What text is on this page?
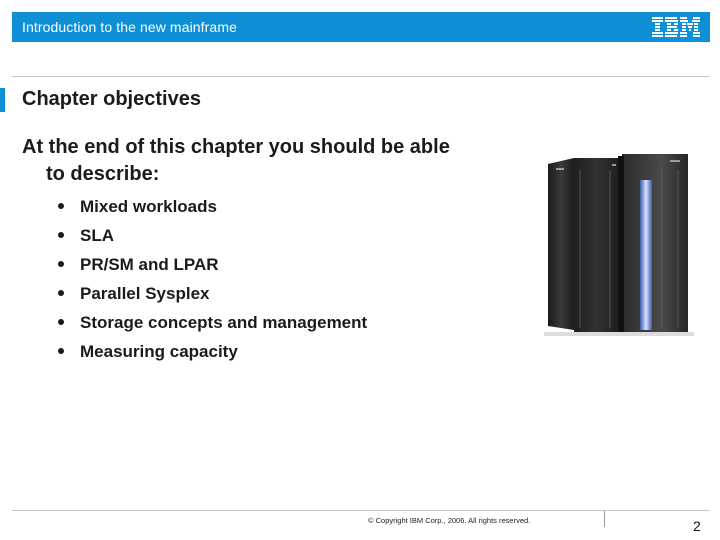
Introduction to the new mainframe
Chapter objectives
At the end of this chapter you should be able
to describe:
Mixed workloads
SLA
PR/SM and LPAR
Parallel Sysplex
Storage concepts and management
Measuring capacity
© Copyright IBM Corp., 2006. All rights reserved.	2
